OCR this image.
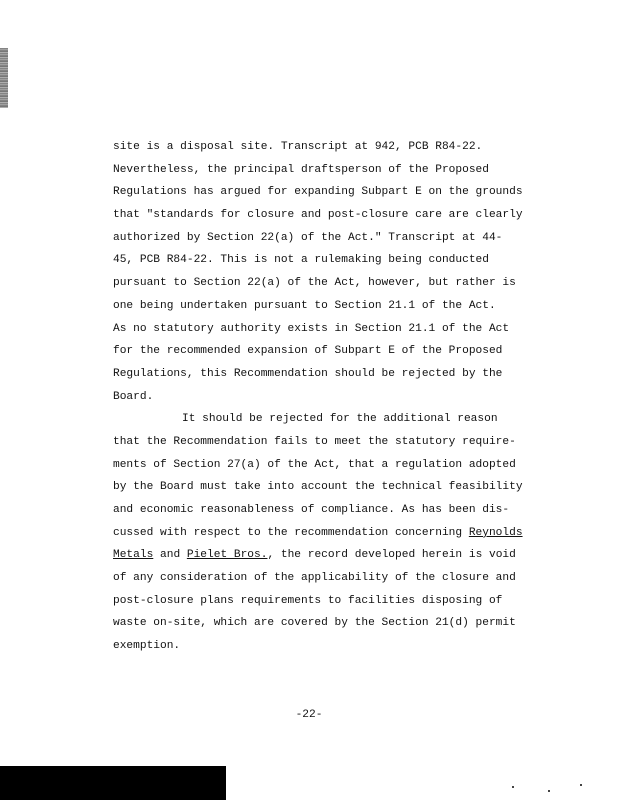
site is a disposal site. Transcript at 942, PCB R84-22.
Nevertheless, the principal draftsperson of the Proposed
Regulations has argued for expanding Subpart E on the grounds
that "standards for closure and post-closure care are clearly
authorized by Section 22(a) of the Act." Transcript at 44-
45, PCB R84-22. This is not a rulemaking being conducted
pursuant to Section 22(a) of the Act, however, but rather is
one being undertaken pursuant to Section 21.1 of the Act.
As no statutory authority exists in Section 21.1 of the Act
for the recommended expansion of Subpart E of the Proposed
Regulations, this Recommendation should be rejected by the
Board.
It should be rejected for the additional reason
that the Recommendation fails to meet the statutory require-
ments of Section 27(a) of the Act, that a regulation adopted
by the Board must take into account the technical feasibility
and economic reasonableness of compliance. As has been dis-
cussed with respect to the recommendation concerning Reynolds
Metals and Pielet Bros., the record developed herein is void
of any consideration of the applicability of the closure and
post-closure plans requirements to facilities disposing of
waste on-site, which are covered by the Section 21(d) permit
exemption.
-22-
